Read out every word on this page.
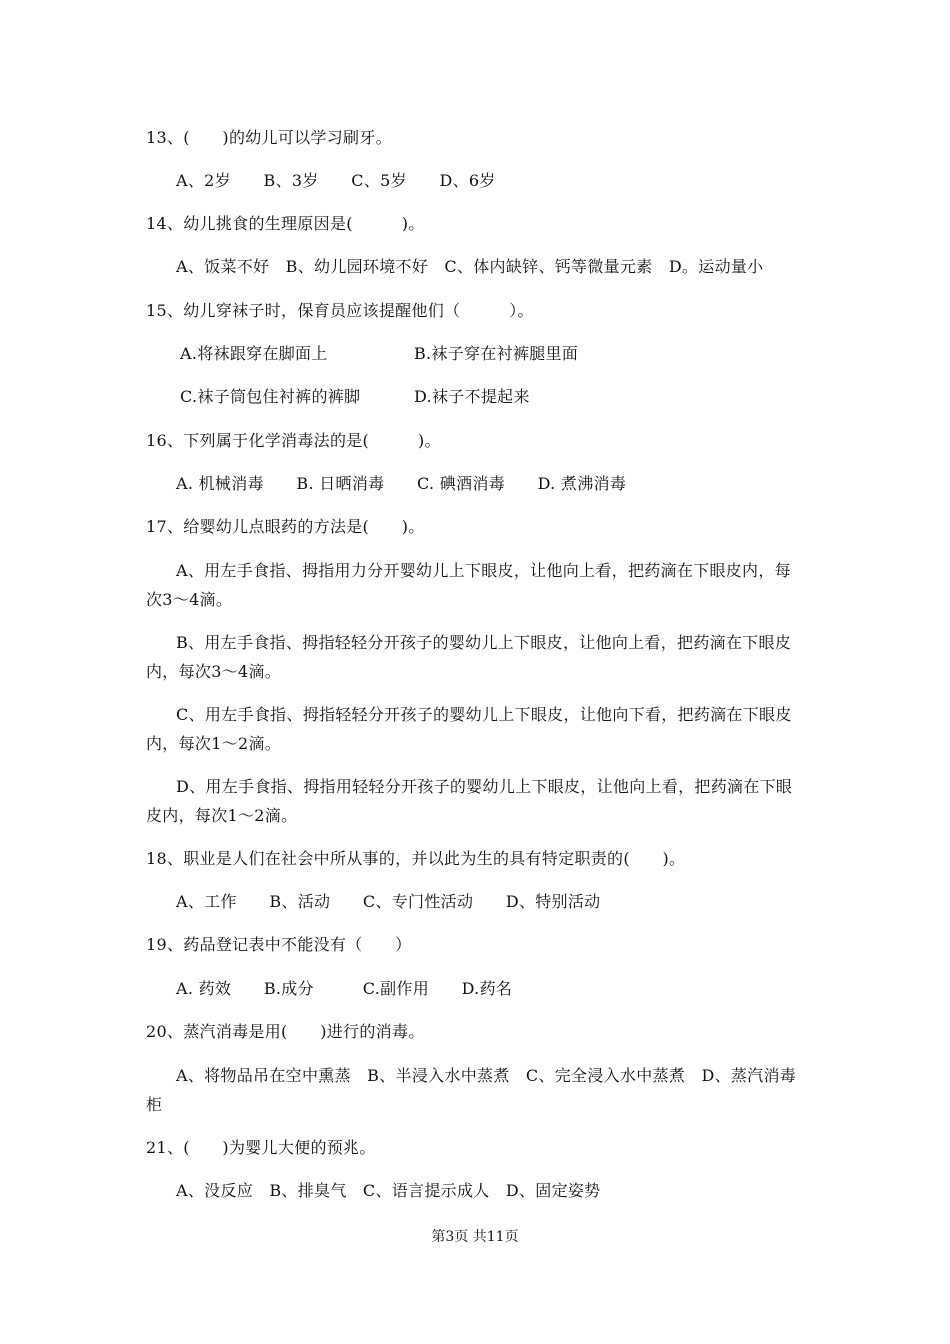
13、(　　)的幼儿可以学习刷牙。
A、2岁　　B、3岁　　C、5岁　　D、6岁
14、幼儿挑食的生理原因是(　　　)。
A、饭菜不好　B、幼儿园环境不好　C、体内缺锌、钙等微量元素　D。运动量小
15、幼儿穿袜子时，保育员应该提醒他们（　　　）。
A.将袜跟穿在脚面上	B.袜子穿在衬裤腿里面
C.袜子筒包住衬裤的裤脚	D.袜子不提起来
16、下列属于化学消毒法的是(　　　)。
A. 机械消毒　　B. 日晒消毒　　C. 碘酒消毒　　D. 煮沸消毒
17、给婴幼儿点眼药的方法是(　　)。
A、用左手食指、拇指用力分开婴幼儿上下眼皮，让他向上看，把药滴在下眼皮内，每
次3～4滴。
B、用左手食指、拇指轻轻分开孩子的婴幼儿上下眼皮，让他向上看，把药滴在下眼皮
内，每次3～4滴。
C、用左手食指、拇指轻轻分开孩子的婴幼儿上下眼皮，让他向下看，把药滴在下眼皮
内，每次1～2滴。
D、用左手食指、拇指用轻轻分开孩子的婴幼儿上下眼皮，让他向上看，把药滴在下眼
皮内，每次1～2滴。
18、职业是人们在社会中所从事的，并以此为生的具有特定职责的(　　)。
A、工作　　B、活动　　C、专门性活动　　D、特别活动
19、药品登记表中不能没有（　　）
A. 药效　　B.成分　　　C.副作用　　D.药名
20、蒸汽消毒是用(　　)进行的消毒。
A、将物品吊在空中熏蒸　B、半浸入水中蒸煮　C、完全浸入水中蒸煮　D、蒸汽消毒
柜
21、(　　)为婴儿大便的预兆。
A、没反应　B、排臭气　C、语言提示成人　D、固定姿势
第3页 共11页
